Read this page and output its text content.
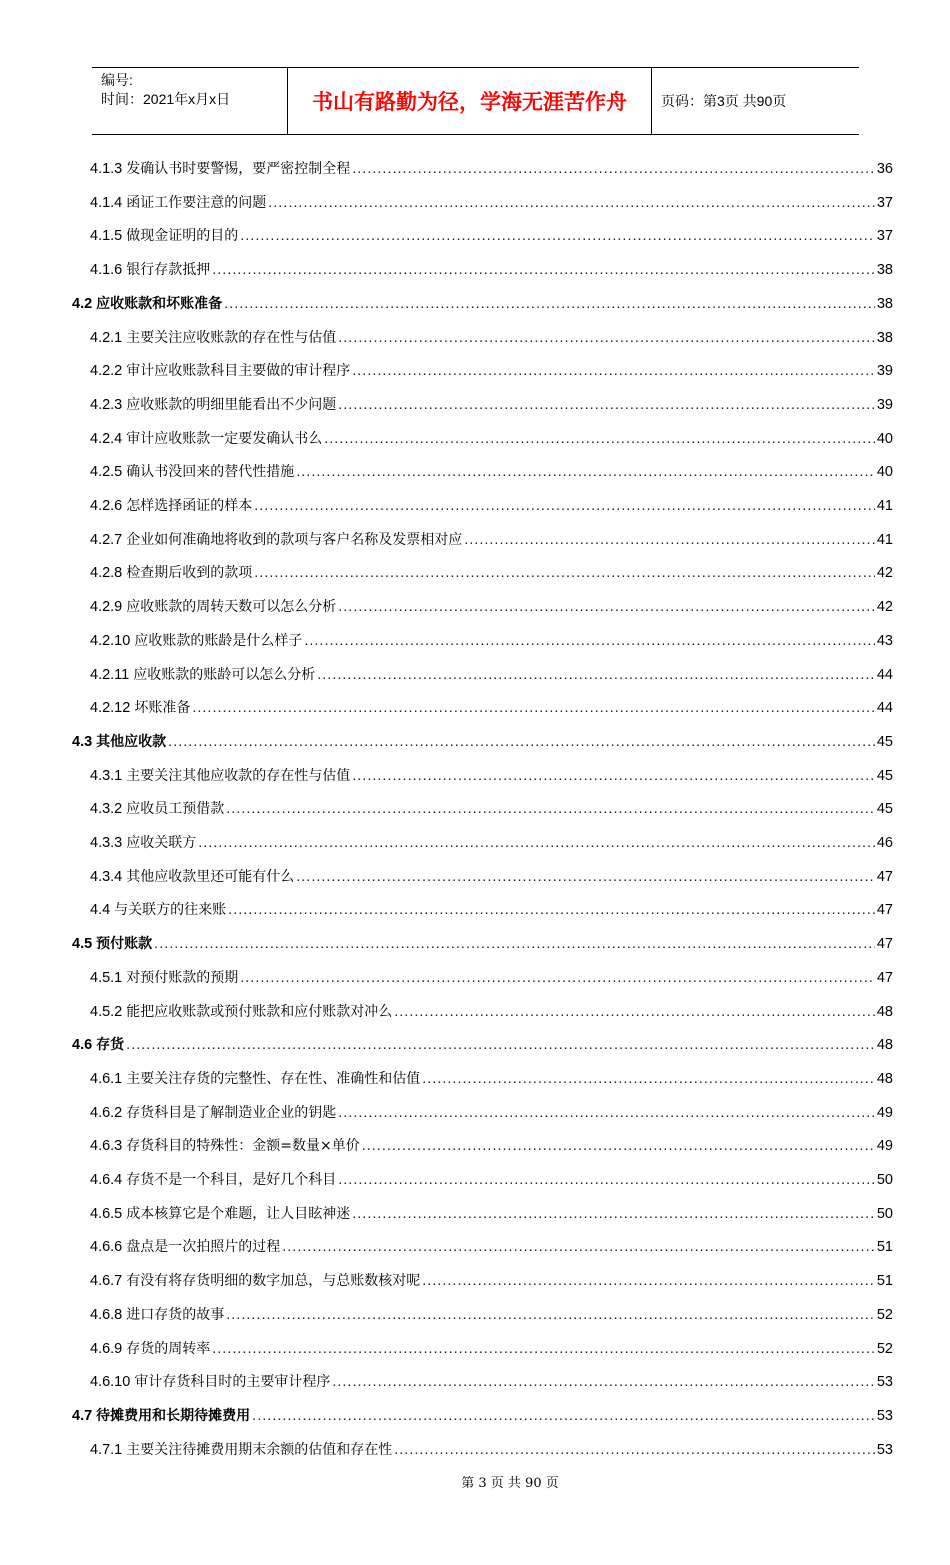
编号:
时间：2021年x月x日	书山有路勤为径，学海无涯苦作舟 页码：第3页 共90页
4.1.3 发确认书时要警惕，要严密控制全程 .....	36
4.1.4 函证工作要注意的问题 .....	37
4.1.5 做现金证明的目的 .....	37
4.1.6 银行存款抵押 .....	38
4.2 应收账款和坏账准备 .....	38
4.2.1 主要关注应收账款的存在性与估值 .....	38
4.2.2 审计应收账款科目主要做的审计程序 .....	39
4.2.3 应收账款的明细里能看出不少问题 .....	39
4.2.4 审计应收账款一定要发确认书么 .....	40
4.2.5 确认书没回来的替代性措施 .....	40
4.2.6 怎样选择函证的样本 .....	41
4.2.7 企业如何准确地将收到的款项与客户名称及发票相对应 .....	41
4.2.8 检查期后收到的款项 .....	42
4.2.9 应收账款的周转天数可以怎么分析 .....	42
4.2.10 应收账款的账龄是什么样子 .....	43
4.2.11 应收账款的账龄可以怎么分析 .....	44
4.2.12 坏账准备 .....	44
4.3 其他应收款 .....	45
4.3.1 主要关注其他应收款的存在性与估值 .....	45
4.3.2 应收员工预借款 .....	45
4.3.3 应收关联方 .....	46
4.3.4 其他应收款里还可能有什么 .....	47
4.4 与关联方的往来账 .....	47
4.5 预付账款 .....	47
4.5.1 对预付账款的预期 .....	47
4.5.2 能把应收账款或预付账款和应付账款对冲么 .....	48
4.6 存货 .....	48
4.6.1 主要关注存货的完整性、存在性、准确性和估值 .....	48
4.6.2 存货科目是了解制造业企业的钥匙 .....	49
4.6.3 存货科目的特殊性：金额=数量×单价 .....	49
4.6.4 存货不是一个科目，是好几个科目 .....	50
4.6.5 成本核算它是个难题，让人目眩神迷 .....	50
4.6.6 盘点是一次拍照片的过程 .....	51
4.6.7 有没有将存货明细的数字加总，与总账数核对呢 .....	51
4.6.8 进口存货的故事 .....	52
4.6.9 存货的周转率 .....	52
4.6.10 审计存货科目时的主要审计程序 .....	53
4.7 待摊费用和长期待摊费用 .....	53
4.7.1 主要关注待摊费用期末余额的估值和存在性 .....	53
第 3 页 共 90 页
